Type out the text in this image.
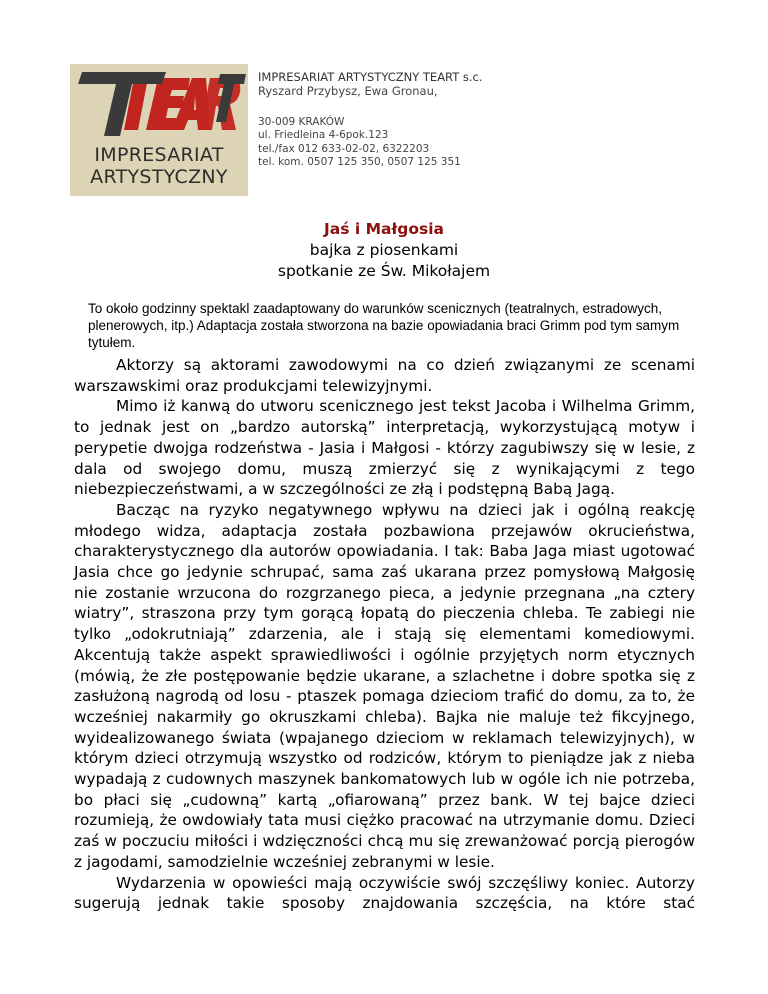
IMPRESARIAT
ARTYSTYCZNY
IMPRESARIAT ARTYSTYCZNY TEART s.c.
Ryszard Przybysz, Ewa Gronau,
30-009 KRAKÓW
ul. Friedleina 4-6pok.123
tel./fax 012 633-02-02, 6322203
tel. kom. 0507 125 350, 0507 125 351
Jaś i Małgosia
bajka z piosenkami
spotkanie ze Św. Mikołajem
To około godzinny spektakl zaadaptowany do warunków scenicznych (teatralnych, estradowych, plenerowych, itp.) Adaptacja została stworzona na bazie opowiadania braci Grimm pod tym samym tytułem.

Aktorzy są aktorami zawodowymi na co dzień związanymi ze scenami warszawskimi oraz produkcjami telewizyjnymi.

Mimo iż kanwą do utworu scenicznego jest tekst Jacoba i Wilhelma Grimm, to jednak jest on „bardzo autorską” interpretacją, wykorzystującą motyw i perypetie dwojga rodzeństwa - Jasia i Małgosi - którzy zagubiwszy się w lesie, z dala od swojego domu, muszą zmierzyć się z wynikającymi z tego niebezpieczeństwami, a w szczególności ze złą i podstępną Babą Jagą.

Bacząc na ryzyko negatywnego wpływu na dzieci jak i ogólną reakcję młodego widza, adaptacja została pozbawiona przejawów okrucieństwa, charakterystycznego dla autorów opowiadania. I tak: Baba Jaga miast ugotować Jasia chce go jedynie schrupać, sama zaś ukarana przez pomysłową Małgosię nie zostanie wrzucona do rozgrzanego pieca, a jedynie przegnana „na cztery wiatry”, straszona przy tym gorącą łopatą do pieczenia chleba. Te zabiegi nie tylko „odokrutniają” zdarzenia, ale i stają się elementami komediowymi. Akcentują także aspekt sprawiedliwości i ogólnie przyjętych norm etycznych (mówią, że złe postępowanie będzie ukarane, a szlachetne i dobre spotka się z zasłużoną nagrodą od losu - ptaszek pomaga dzieciom trafić do domu, za to, że wcześniej nakarmiły go okruszkami chleba). Bajka nie maluje też fikcyjnego, wyidealizowanego świata (wpajanego dzieciom w reklamach telewizyjnych), w którym dzieci otrzymują wszystko od rodziców, którym to pieniądze jak z nieba wypadają z cudownych maszynek bankomatowych lub w ogóle ich nie potrzeba, bo płaci się „cudowną” kartą „ofiarowaną” przez bank. W tej bajce dzieci rozumieją, że owdowiały tata musi ciężko pracować na utrzymanie domu. Dzieci zaś w poczuciu miłości i wdzięczności chcą mu się zrewanżować porcją pierogów z jagodami, samodzielnie wcześniej zebranymi w lesie.

Wydarzenia w opowieści mają oczywiście swój szczęśliwy koniec. Autorzy sugerują jednak takie sposoby znajdowania szczęścia, na które stać
